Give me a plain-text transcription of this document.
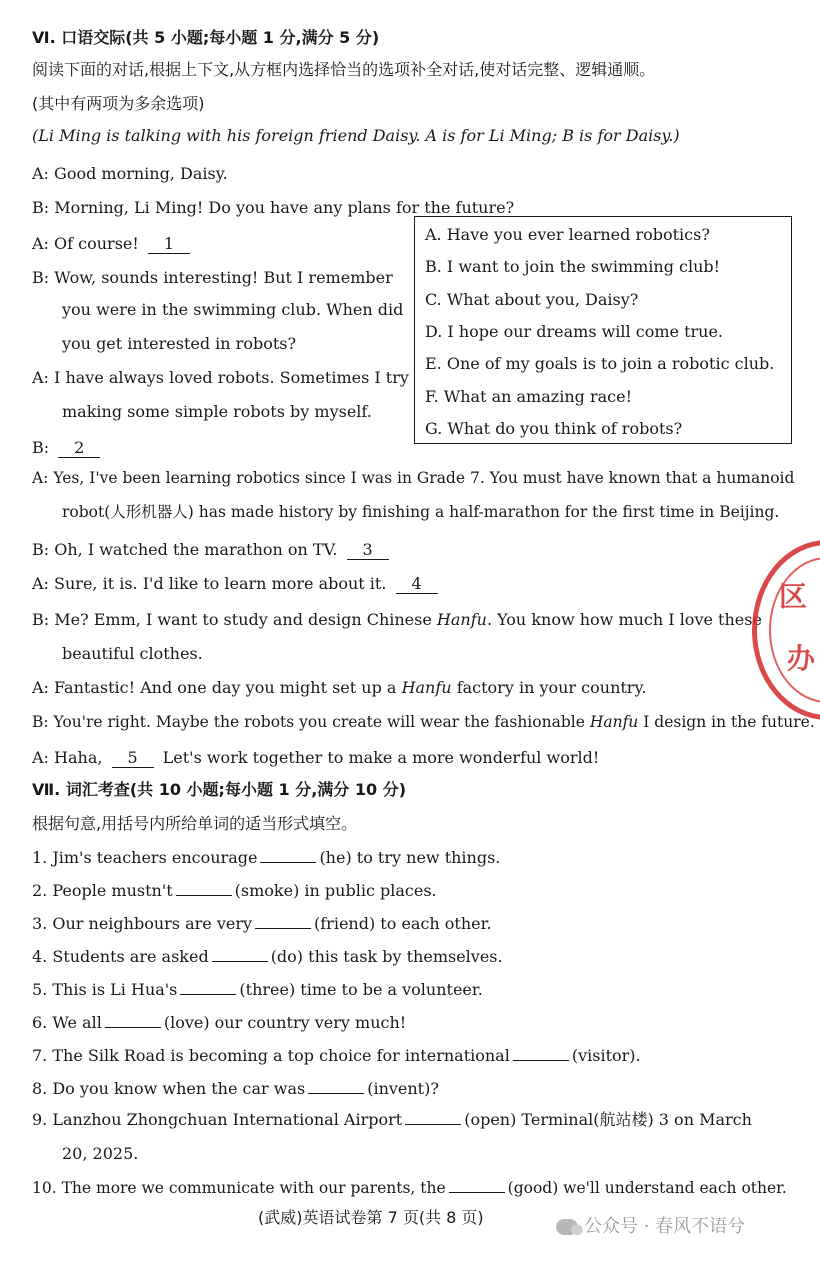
Ⅵ. 口语交际(共 5 小题;每小题 1 分,满分 5 分)
阅读下面的对话,根据上下文,从方框内选择恰当的选项补全对话,使对话完整、逻辑通顺。
(其中有两项为多余选项)
(Li Ming is talking with his foreign friend Daisy. A is for Li Ming; B is for Daisy.)
A: Good morning, Daisy.
B: Morning, Li Ming! Do you have any plans for the future?
A: Of course! 1
B: Wow, sounds interesting! But I remember
you were in the swimming club. When did
you get interested in robots?
A: I have always loved robots. Sometimes I try
making some simple robots by myself.
B: 2
A. Have you ever learned robotics?
B. I want to join the swimming club!
C. What about you, Daisy?
D. I hope our dreams will come true.
E. One of my goals is to join a robotic club.
F. What an amazing race!
G. What do you think of robots?
A: Yes, I've been learning robotics since I was in Grade 7. You must have known that a humanoid
robot(人形机器人) has made history by finishing a half-marathon for the first time in Beijing.
B: Oh, I watched the marathon on TV. 3
A: Sure, it is. I'd like to learn more about it. 4
B: Me? Emm, I want to study and design Chinese Hanfu. You know how much I love these
beautiful clothes.
A: Fantastic! And one day you might set up a Hanfu factory in your country.
B: You're right. Maybe the robots you create will wear the fashionable Hanfu I design in the future.
A: Haha, 5 Let's work together to make a more wonderful world!
Ⅶ. 词汇考查(共 10 小题;每小题 1 分,满分 10 分)
根据句意,用括号内所给单词的适当形式填空。
1. Jim's teachers encourage	(he) to try new things.
2. People mustn't	(smoke) in public places.
3. Our neighbours are very	(friend) to each other.
4. Students are asked	(do) this task by themselves.
5. This is Li Hua's	(three) time to be a volunteer.
6. We all	(love) our country very much!
7. The Silk Road is becoming a top choice for international	(visitor).
8. Do you know when the car was	(invent)?
9. Lanzhou Zhongchuan International Airport	(open) Terminal(航站楼) 3 on March
20, 2025.
10. The more we communicate with our parents, the	(good) we'll understand each other.
(武威)英语试卷第 7 页(共 8 页)	公众号 · 春风不语兮
区
办
